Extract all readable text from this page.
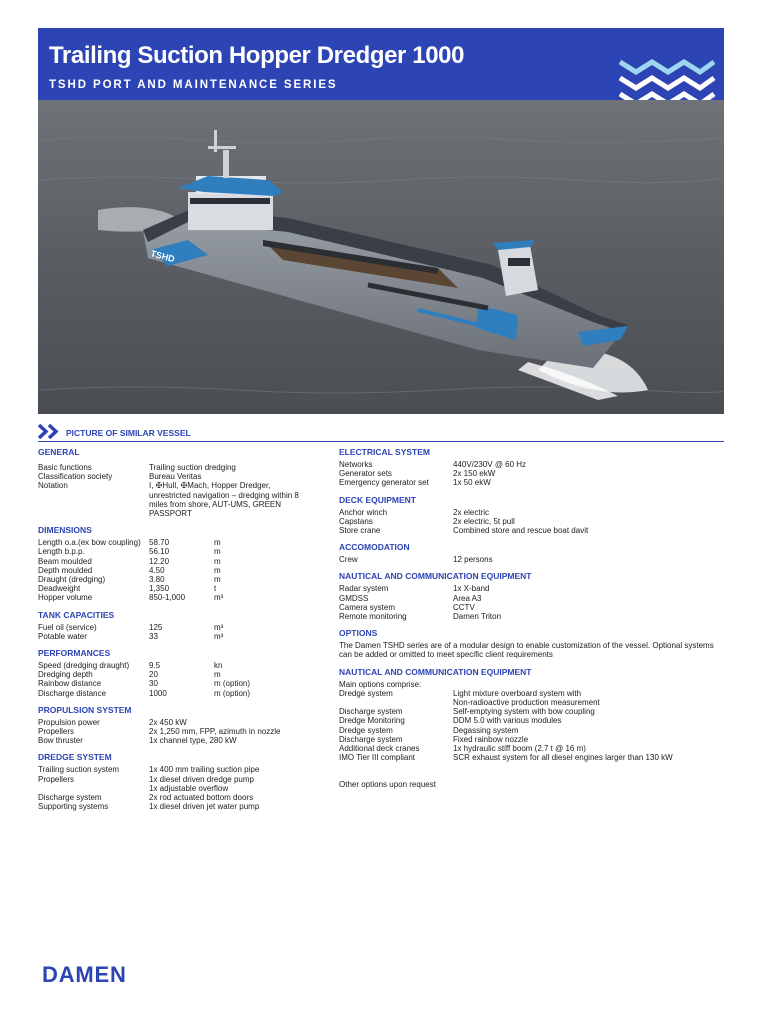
Trailing Suction Hopper Dredger 1000
TSHD PORT AND MAINTENANCE SERIES
TSHD
PICTURE OF SIMILAR VESSEL
GENERAL
Basic functions	Trailing suction dredging
Classification society	Bureau Veritas
Notation	I, ✠Hull, ✠Mach, Hopper Dredger, unrestricted navigation – dredging within 8 miles from shore, AUT-UMS, GREEN PASSPORT
DIMENSIONS
Length o.a.(ex bow coupling)	58.70	m
Length b.p.p.	56.10	m
Beam moulded	12.20	m
Depth moulded	4.50	m
Draught (dredging)	3.80	m
Deadweight	1,350	t
Hopper volume	850-1,000	m³
TANK CAPACITIES
Fuel oil (service)	125	m³
Potable water	33	m³
PERFORMANCES
Speed (dredging draught)	9.5	kn
Dredging depth	20	m
Rainbow distance	30	m (option)
Discharge distance	1000	m (option)
PROPULSION SYSTEM
Propulsion power	2x 450 kW
Propellers	2x 1,250 mm, FPP, azimuth in nozzle
Bow thruster	1x channel type, 280 kW
DREDGE SYSTEM
Trailing suction system	1x 400 mm trailing suction pipe
Propellers	1x diesel driven dredge pump
1x adjustable overflow
Discharge system	2x rod actuated bottom doors
Supporting systems	1x diesel driven jet water pump
ELECTRICAL SYSTEM
Networks	440V/230V @ 60 Hz
Generator sets	2x 150 ekW
Emergency generator set	1x 50 ekW
DECK EQUIPMENT
Anchor winch	2x electric
Capstans	2x electric, 5t pull
Store crane	Combined store and rescue boat davit
ACCOMODATION
Crew	12 persons
NAUTICAL AND COMMUNICATION EQUIPMENT
Radar system	1x X-band
GMDSS	Area A3
Camera system	CCTV
Remote monitoring	Damen Triton
OPTIONS
The Damen TSHD series are of a modular design to enable customization of the vessel. Optional systems can be added or omitted to meet specific client requirements
NAUTICAL AND COMMUNICATION EQUIPMENT
Main options comprise:
Dredge system	Light mixture overboard system with
Non-radioactive production measurement
Discharge system	Self-emptying system with bow coupling
Dredge Monitoring	DDM 5.0 with various modules
Dredge system	Degassing system
Discharge system	Fixed rainbow nozzle
Additional deck cranes	1x hydraulic stiff boom (2.7 t @ 16 m)
IMO Tier III compliant	SCR exhaust system for all diesel engines larger than 130 kW
Other options upon request
DAMEN
